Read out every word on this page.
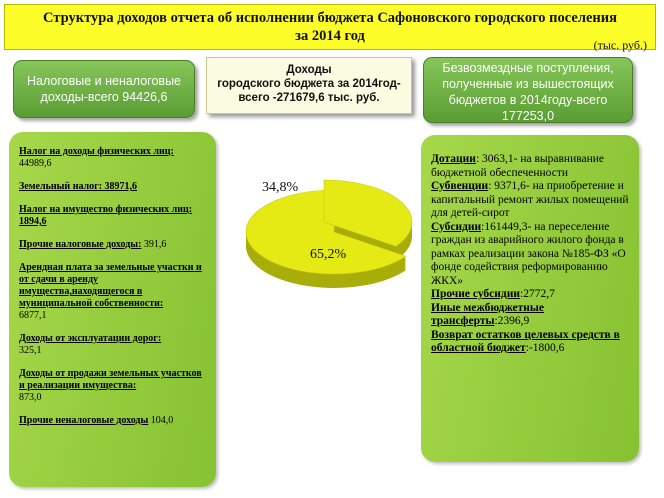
Структура доходов отчета об исполнении бюджета Сафоновского городского поселения
за 2014 год
(тыс. руб.)
Налоговые и неналоговые
доходы-всего 94426,6
Доходы
городского бюджета за 2014год-
всего -271679,6 тыс. руб.
Безвозмездные поступления,
полученные из вышестоящих
бюджетов в 2014году-всего
177253,0
Налог на доходы физических лиц:
44989,6
Земельный налог: 38971,6
Налог на имущество физических лиц: 1894,6
Прочие налоговые доходы: 391,6
Арендная плата за земельные участки и от сдачи в аренду имущества,находящегося в муниципальной собственности:
6877,1
Доходы от эксплуатации дорог:
325,1
Доходы от продажи земельных участков и реализации имущества:
873,0
Прочие неналоговые доходы 104,0
Дотации: 3063,1- на выравнивание бюджетной обеспеченности
Субвенции: 9371,6- на приобретение и капитальный ремонт жилых помещений для детей-сирот
Субсидии:161449,3- на переселение граждан из аварийного жилого фонда в рамках реализации закона №185-ФЗ «О фонде содействия реформированию ЖКХ»
Прочие субсидии:2772,7
Иные межбюджетные трансферты:2396,9
Возврат остатков целевых средств в областной бюджет:-1800,6
34,8%
65,2%
